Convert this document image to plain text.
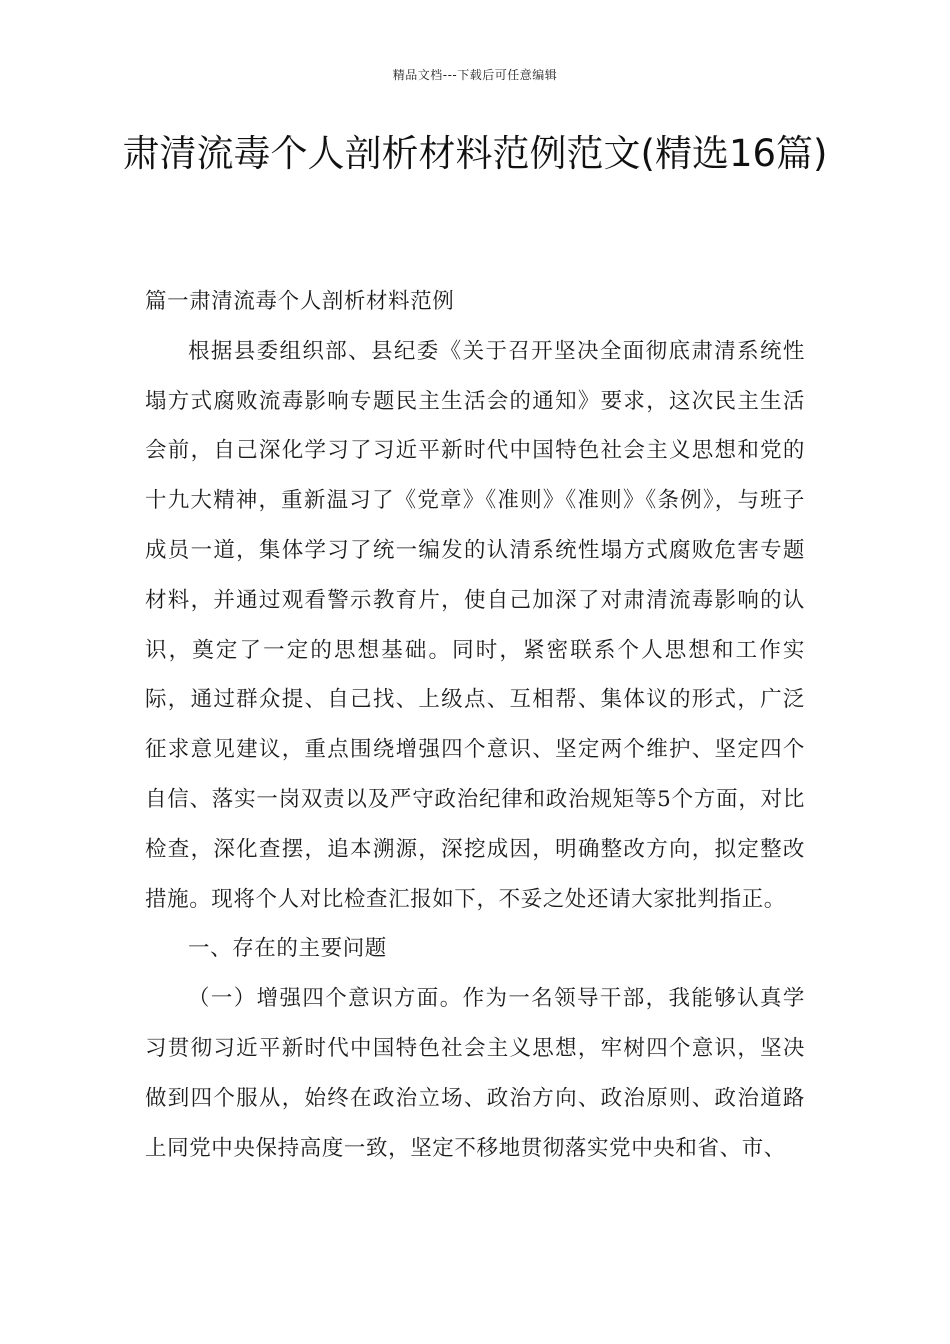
精品文档---下载后可任意编辑
肃清流毒个人剖析材料范例范文(精选16篇)

篇一肃清流毒个人剖析材料范例

根据县委组织部、县纪委《关于召开坚决全面彻底肃清系统性塌方式腐败流毒影响专题民主生活会的通知》要求，这次民主生活会前，自己深化学习了习近平新时代中国特色社会主义思想和党的十九大精神，重新温习了《党章》《准则》《准则》《条例》，与班子成员一道，集体学习了统一编发的认清系统性塌方式腐败危害专题材料，并通过观看警示教育片，使自己加深了对肃清流毒影响的认识，奠定了一定的思想基础。同时，紧密联系个人思想和工作实际，通过群众提、自己找、上级点、互相帮、集体议的形式，广泛征求意见建议，重点围绕增强四个意识、坚定两个维护、坚定四个自信、落实一岗双责以及严守政治纪律和政治规矩等5个方面，对比检查，深化查摆，追本溯源，深挖成因，明确整改方向，拟定整改措施。现将个人对比检查汇报如下，不妥之处还请大家批判指正。

一、存在的主要问题

（一）增强四个意识方面。作为一名领导干部，我能够认真学习贯彻习近平新时代中国特色社会主义思想，牢树四个意识，坚决做到四个服从，始终在政治立场、政治方向、政治原则、政治道路上同党中央保持高度一致，坚定不移地贯彻落实党中央和省、市、
